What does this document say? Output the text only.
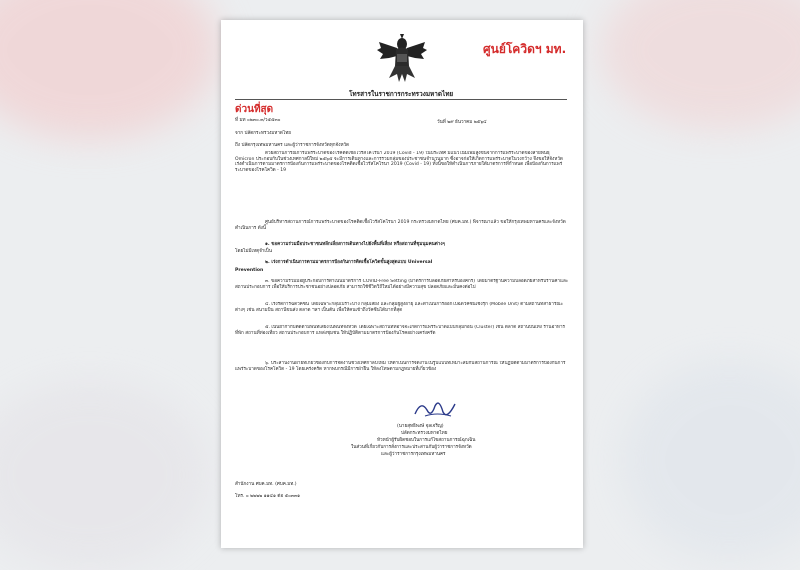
ศูนย์โควิดฯ มท.
โทรสารในราชการกระทรวงมหาดไทย
ด่วนที่สุด
ที่ มท ๐๒๓๐.๓/ว๕๕๓๐	วันที่ ๒๙ ธันวาคม ๒๕๖๔
จาก ปลัดกระทรวงมหาดไทย
ถึง ปลัดกรุงเทพมหานคร และผู้ว่าราชการจังหวัดทุกจังหวัด
ด้วยสถานการณ์การแพร่ระบาดของโรคติดเชื้อไวรัสโคโรนา 2019 (Covid - 19) ในประเทศ มีแนวโน้มเพิ่มสูงขึ้นจากการแพร่ระบาดของสายพันธุ์ Omicron ประกอบกับในช่วงเทศกาลปีใหม่ ๒๕๖๕ จะมีการเดินทางและการรวมกลุ่มของประชาชนจำนวนมาก ซึ่งอาจก่อให้เกิดการแพร่ระบาดในวงกว้าง จึงขอให้จังหวัดเร่งดำเนินการตามมาตรการป้องกันการแพร่ระบาดของโรคติดเชื้อไวรัสโคโรนา 2019 (Covid - 19) ทั้งนี้ขอให้ดำเนินการภายใต้มาตรการที่กำหนด เพื่อป้องกันการแพร่ระบาดของโรคโควิด - 19
ศูนย์บริหารสถานการณ์การแพร่ระบาดของโรคติดเชื้อไวรัสโคโรนา 2019 กระทรวงมหาดไทย (ศบค.มท.) พิจารณาแล้ว ขอให้กรุงเทพมหานครและจังหวัดดำเนินการ ดังนี้
๑. ขอความร่วมมือประชาชนหลีกเลี่ยงการเดินทางไปยังพื้นที่เสี่ยง หรือสถานที่ชุมนุมคนต่างๆ
โดยไม่มีเหตุจำเป็น
๒. เร่งการดำเนินการตามมาตรการป้องกันการติดเชื้อโควิดขั้นสูงสุดแบบ Universal
Prevention
๓. ขอความร่วมมือผู้ประกอบการดำเนินมาตรการ COVID-Free Setting (มาตรการปลอดภัยสำหรับองค์กร) โดยมาตรฐานความปลอดภัยสำหรับร้านค้าและสถานประกอบการ เพื่อให้บริการประชาชนอย่างปลอดภัย สามารถใช้ชีวิตวิถีใหม่ได้อย่างมีความสุข ปลอดภัยและมั่นคงต่อไป
๔. เร่งรัดการฉีดวัคซีน โดยเฉพาะกลุ่มเปราะบาง กลุ่มเสี่ยง และกลุ่มผู้สูงอายุ และดำเนินการออกไปฉีดวัคซีนเชิงรุก (Mobile Unit) ตามสถานที่สาธารณะต่างๆ เช่น สนามบิน สถานีขนส่ง ตลาด ฯลฯ เป็นต้น เพื่อให้คนเข้าถึงวัคซีนได้มากที่สุด
๕. เน้นย้ำกำกับติดตามพื้นที่เสี่ยงในพื้นที่จังหวัด โดยเฉพาะสถานที่ที่อาจจะเกิดการแพร่ระบาดแบบกลุ่มก้อน (Cluster) เช่น ตลาด สถานบันเทิง ร้านอาหาร ที่พัก สถานที่ท่องเที่ยว สถานประกอบการ แหล่งชุมชน ให้ปฏิบัติตามมาตรการป้องกันโรคอย่างเคร่งครัด
๖. ประสานงานฝ่ายที่เกี่ยวข้องกับการจัดงานช่วงเทศกาลปีใหม่ ให้ดำเนินการจัดงานในรูปแบบที่เหมาะสมกับสถานการณ์ ให้ปฏิบัติตามมาตรการป้องกันการแพร่ระบาดของโรคโควิด - 19 โดยเคร่งครัด หากพบกรณีมีการฝ่าฝืน ให้ลงโทษตามกฎหมายที่เกี่ยวข้อง
(นายสุทธิพงษ์ จุลเจริญ)
ปลัดกระทรวงมหาดไทย
หัวหน้าผู้รับผิดชอบในการแก้ไขสถานการณ์ฉุกเฉิน
ในส่วนที่เกี่ยวกับการสั่งการและประสานกับผู้ว่าราชการจังหวัด
และผู้ว่าราชการกรุงเทพมหานคร
สำนักงาน ศบค.มท. (ศบค.มท.)
โทร. ๐ ๒๒๒๒ ๑๑๔๑ ต่อ ๕๐๓๓๑
